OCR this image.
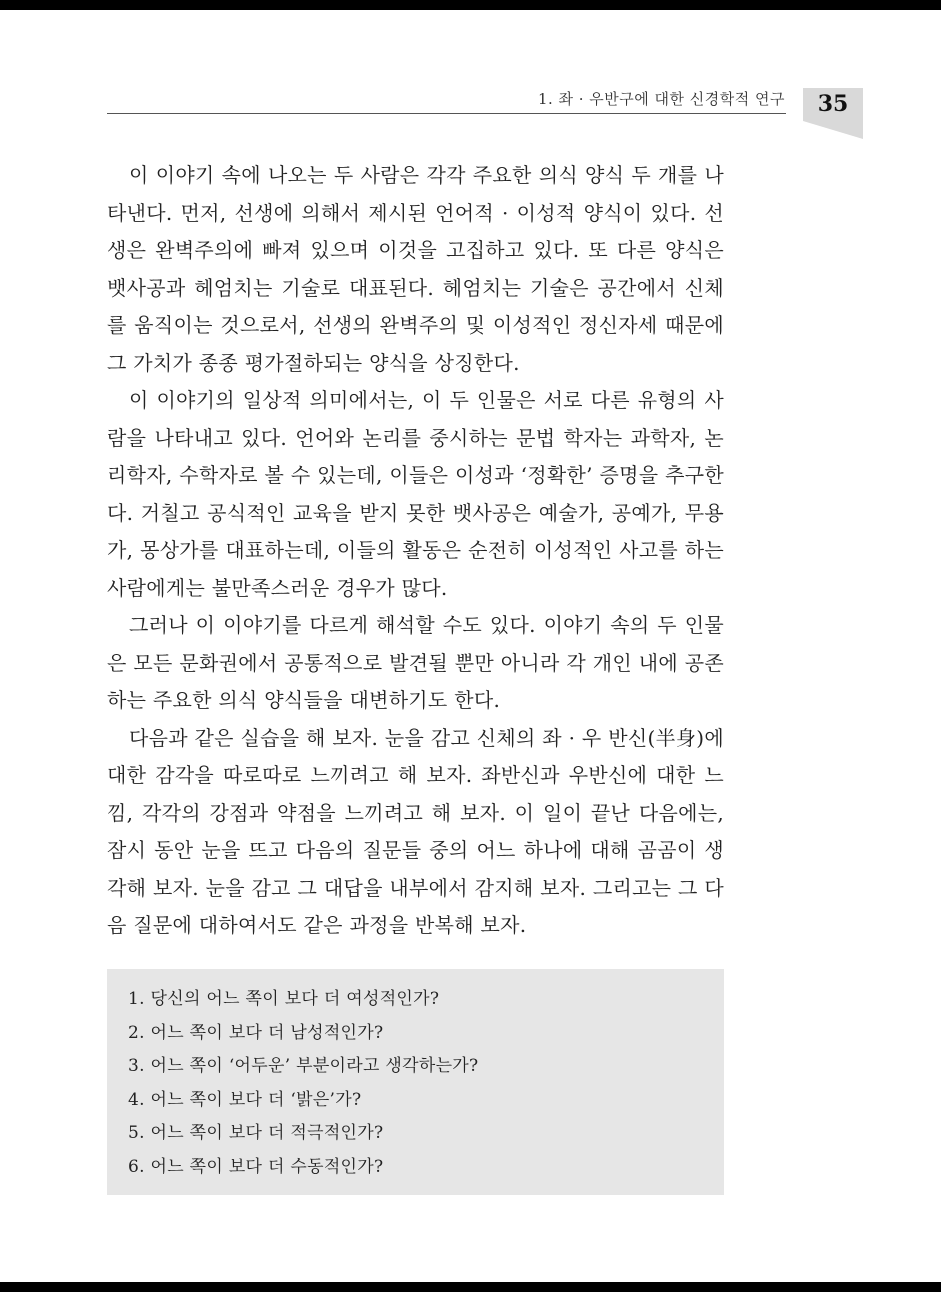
1. 좌 · 우반구에 대한 신경학적 연구	35

이 이야기 속에 나오는 두 사람은 각각 주요한 의식 양식 두 개를 나타낸다. 먼저, 선생에 의해서 제시된 언어적 · 이성적 양식이 있다. 선생은 완벽주의에 빠져 있으며 이것을 고집하고 있다. 또 다른 양식은 뱃사공과 헤엄치는 기술로 대표된다. 헤엄치는 기술은 공간에서 신체를 움직이는 것으로서, 선생의 완벽주의 및 이성적인 정신자세 때문에 그 가치가 종종 평가절하되는 양식을 상징한다.

이 이야기의 일상적 의미에서는, 이 두 인물은 서로 다른 유형의 사람을 나타내고 있다. 언어와 논리를 중시하는 문법 학자는 과학자, 논리학자, 수학자로 볼 수 있는데, 이들은 이성과 ‘정확한’ 증명을 추구한다. 거칠고 공식적인 교육을 받지 못한 뱃사공은 예술가, 공예가, 무용가, 몽상가를 대표하는데, 이들의 활동은 순전히 이성적인 사고를 하는 사람에게는 불만족스러운 경우가 많다.

그러나 이 이야기를 다르게 해석할 수도 있다. 이야기 속의 두 인물은 모든 문화권에서 공통적으로 발견될 뿐만 아니라 각 개인 내에 공존하는 주요한 의식 양식들을 대변하기도 한다.

다음과 같은 실습을 해 보자. 눈을 감고 신체의 좌 · 우 반신(半身)에 대한 감각을 따로따로 느끼려고 해 보자. 좌반신과 우반신에 대한 느낌, 각각의 강점과 약점을 느끼려고 해 보자. 이 일이 끝난 다음에는, 잠시 동안 눈을 뜨고 다음의 질문들 중의 어느 하나에 대해 곰곰이 생각해 보자. 눈을 감고 그 대답을 내부에서 감지해 보자. 그리고는 그 다음 질문에 대하여서도 같은 과정을 반복해 보자.

1. 당신의 어느 쪽이 보다 더 여성적인가?
2. 어느 쪽이 보다 더 남성적인가?
3. 어느 쪽이 ‘어두운’ 부분이라고 생각하는가?
4. 어느 쪽이 보다 더 ‘밝은’가?
5. 어느 쪽이 보다 더 적극적인가?
6. 어느 쪽이 보다 더 수동적인가?
